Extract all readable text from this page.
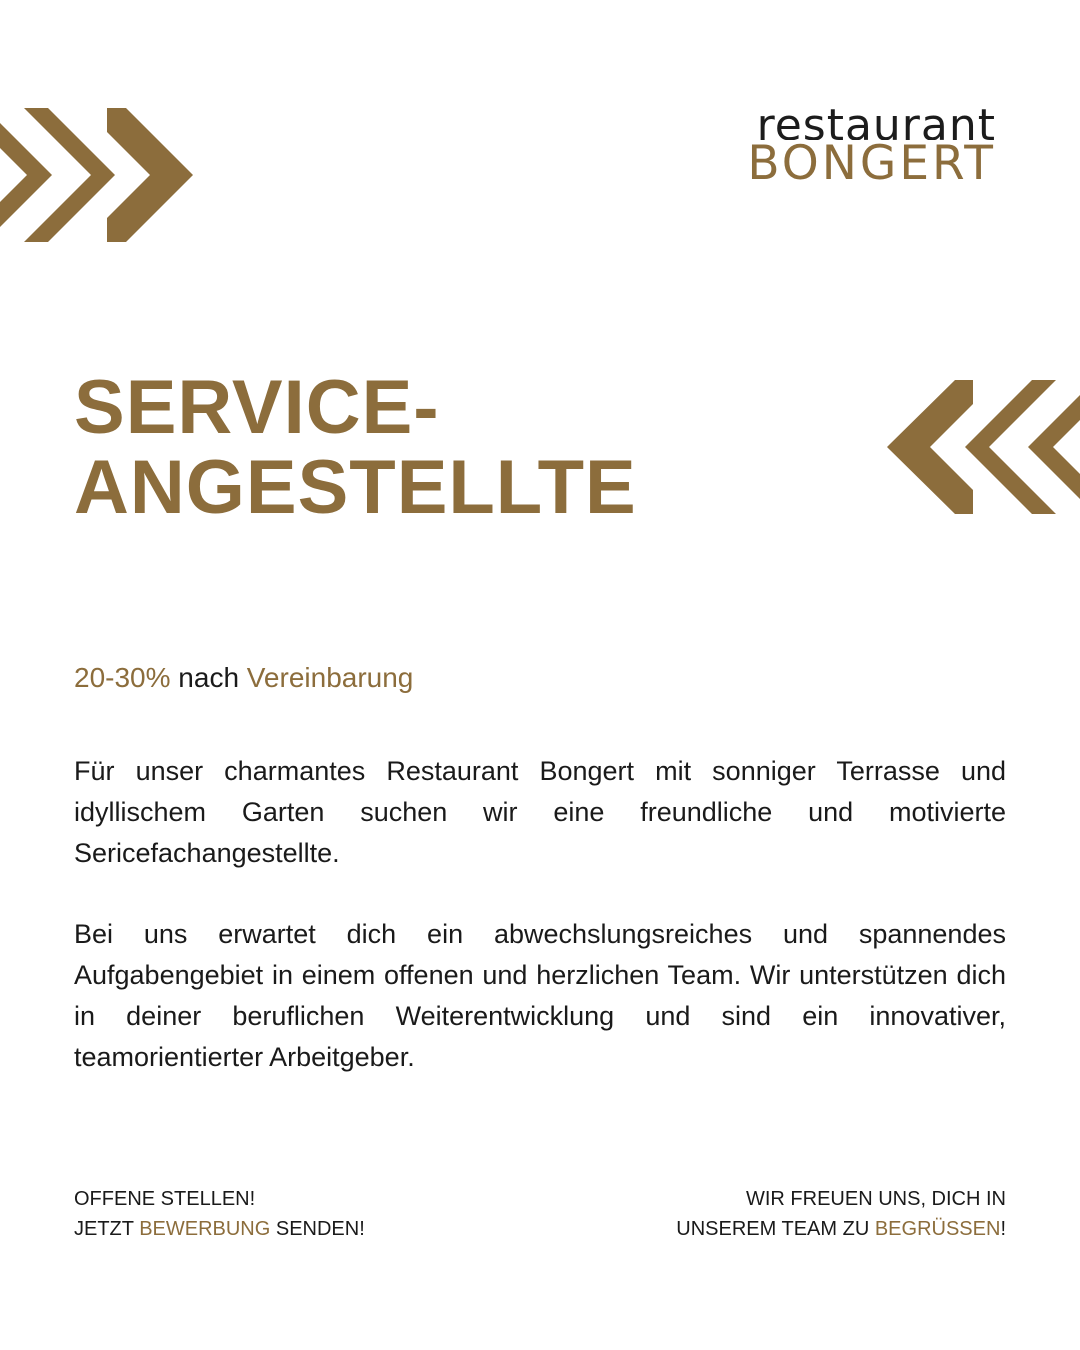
restaurant
BONGERT
SERVICE-
ANGESTELLTE
20-30% nach Vereinbarung

Für unser charmantes Restaurant Bongert mit sonniger Terrasse und idyllischem Garten suchen wir eine freundliche und motivierte Sericefachangestellte.

Bei uns erwartet dich ein abwechslungsreiches und spannendes Aufgabengebiet in einem offenen und herzlichen Team. Wir unterstützen dich in deiner beruflichen Weiterentwicklung und sind ein innovativer, teamorientierter Arbeitgeber.

OFFENE STELLEN!
JETZT BEWERBUNG SENDEN!
WIR FREUEN UNS, DICH IN
UNSEREM TEAM ZU BEGRÜSSEN!
